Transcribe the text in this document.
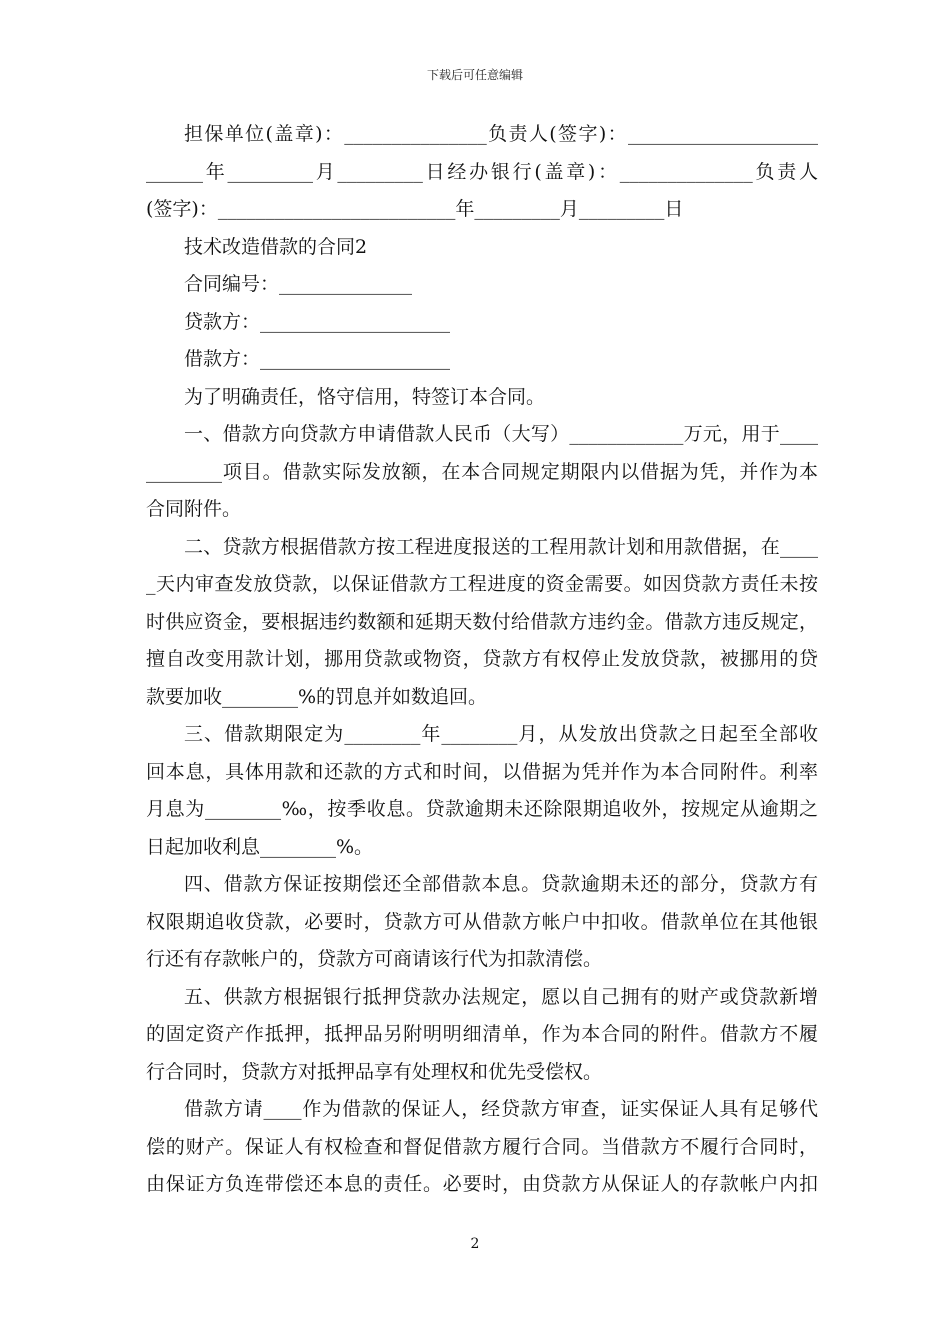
下载后可任意编辑
担保单位(盖章)：_______________负责人(签字)：____________________
______年_________月_________日经办银行(盖章)：______________负责人
(签字)：_________________________年_________月_________日
技术改造借款的合同2
合同编号：______________
贷款方：____________________
借款方：____________________
为了明确责任，恪守信用，特签订本合同。
一、借款方向贷款方申请借款人民币（大写）____________万元，用于____
________项目。借款实际发放额，在本合同规定期限内以借据为凭，并作为本
合同附件。
二、贷款方根据借款方按工程进度报送的工程用款计划和用款借据，在____
_天内审查发放贷款，以保证借款方工程进度的资金需要。如因贷款方责任未按
时供应资金，要根据违约数额和延期天数付给借款方违约金。借款方违反规定，
擅自改变用款计划，挪用贷款或物资，贷款方有权停止发放贷款，被挪用的贷
款要加收________%的罚息并如数追回。
三、借款期限定为________年________月，从发放出贷款之日起至全部收
回本息，具体用款和还款的方式和时间，以借据为凭并作为本合同附件。利率
月息为________‰，按季收息。贷款逾期未还除限期追收外，按规定从逾期之
日起加收利息________%。
四、借款方保证按期偿还全部借款本息。贷款逾期未还的部分，贷款方有
权限期追收贷款，必要时，贷款方可从借款方帐户中扣收。借款单位在其他银
行还有存款帐户的，贷款方可商请该行代为扣款清偿。
五、供款方根据银行抵押贷款办法规定，愿以自己拥有的财产或贷款新增
的固定资产作抵押，抵押品另附明明细清单，作为本合同的附件。借款方不履
行合同时，贷款方对抵押品享有处理权和优先受偿权。
借款方请____作为借款的保证人，经贷款方审查，证实保证人具有足够代
偿的财产。保证人有权检查和督促借款方履行合同。当借款方不履行合同时，
由保证方负连带偿还本息的责任。必要时，由贷款方从保证人的存款帐户内扣
2
